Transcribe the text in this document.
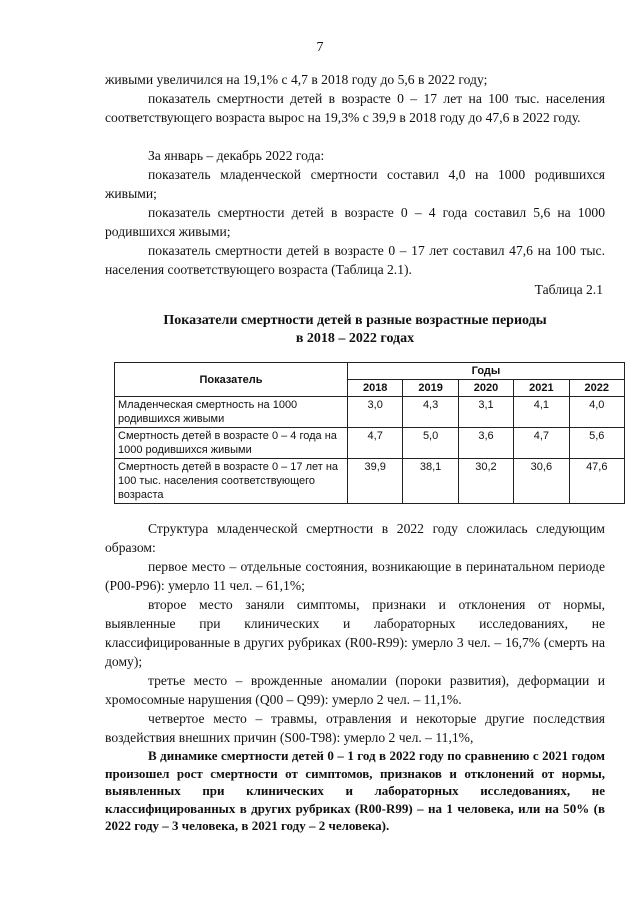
7

живыми увеличился на 19,1% с 4,7 в 2018 году до 5,6 в 2022 году;

показатель смертности детей в возрасте 0 – 17 лет на 100 тыс. населения соответствующего возраста вырос на 19,3% с 39,9 в 2018 году до 47,6 в 2022 году.

За январь – декабрь 2022 года:

показатель младенческой смертности составил 4,0 на 1000 родившихся живыми;

показатель смертности детей в возрасте 0 – 4 года составил 5,6 на 1000 родившихся живыми;

показатель смертности детей в возрасте 0 – 17 лет составил 47,6 на 100 тыс. населения соответствующего возраста (Таблица 2.1).

Таблица 2.1
Показатели смертности детей в разные возрастные периоды
в 2018 – 2022 годах
Показатель	Годы				
	2018	2019	2020	2021	2022
Младенческая смертность на 1000 родившихся живыми	3,0	4,3	3,1	4,1	4,0
Смертность детей в возрасте 0 – 4 года на 1000 родившихся живыми	4,7	5,0	3,6	4,7	5,6
Смертность детей в возрасте 0 – 17 лет на 100 тыс. населения соответствующего возраста	39,9	38,1	30,2	30,6	47,6

Структура младенческой смертности в 2022 году сложилась следующим образом:

первое место – отдельные состояния, возникающие в перинатальном периоде (P00-P96): умерло 11 чел. – 61,1%;

второе место заняли симптомы, признаки и отклонения от нормы, выявленные при клинических и лабораторных исследованиях, не классифицированные в других рубриках (R00-R99): умерло 3 чел. – 16,7% (смерть на дому);

третье место – врожденные аномалии (пороки развития), деформации и хромосомные нарушения (Q00 – Q99): умерло 2 чел. – 11,1%.

четвертое место – травмы, отравления и некоторые другие последствия воздействия внешних причин (S00-T98): умерло 2 чел. – 11,1%,

В динамике смертности детей 0 – 1 год в 2022 году по сравнению с 2021 годом произошел рост смертности от симптомов, признаков и отклонений от нормы, выявленных при клинических и лабораторных исследованиях, не классифицированных в других рубриках (R00-R99) – на 1 человека, или на 50% (в 2022 году – 3 человека, в 2021 году – 2 человека).
